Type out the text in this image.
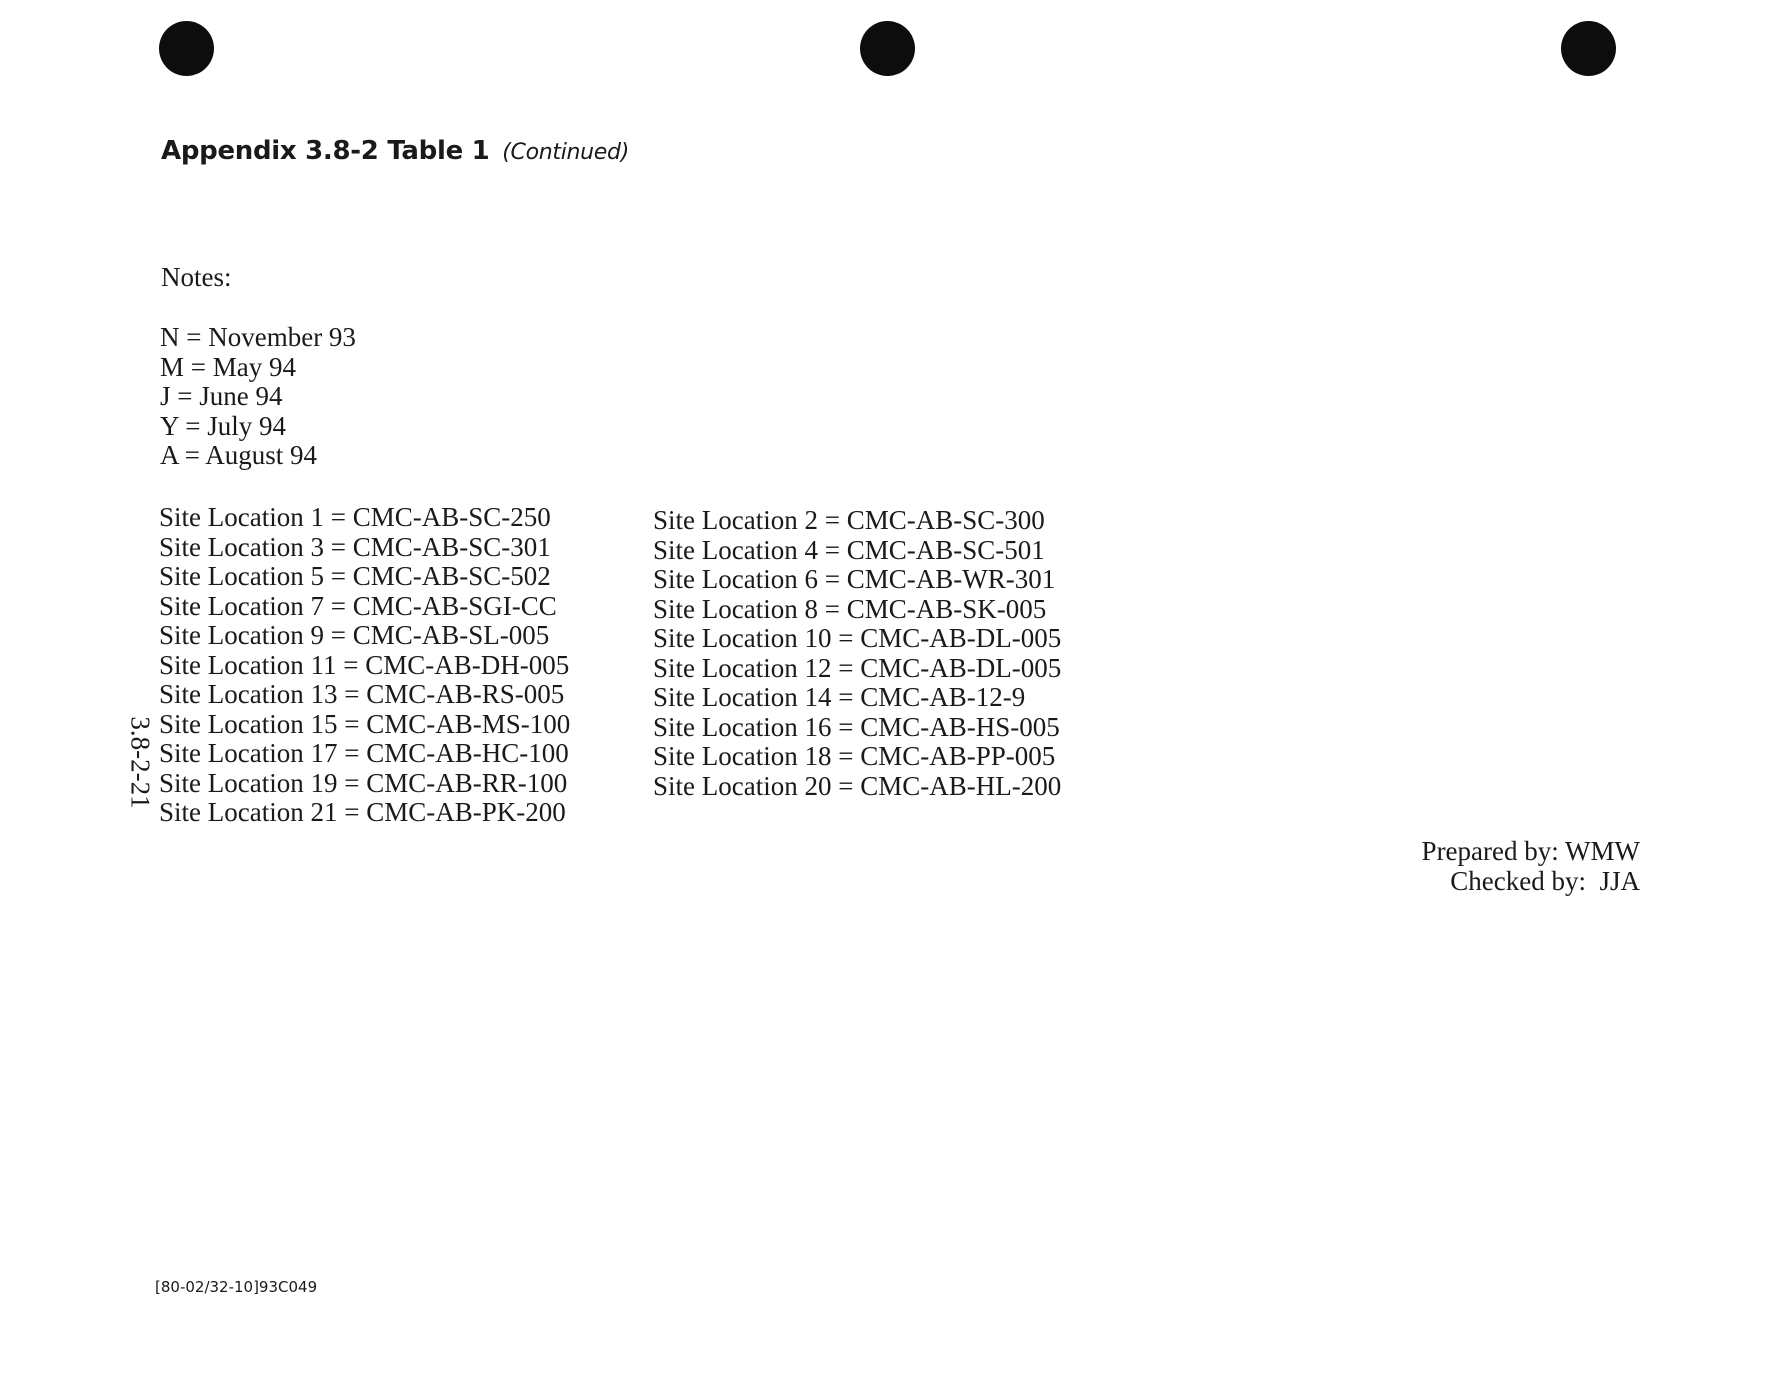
Appendix 3.8-2 Table 1 (Continued)
Notes:
N = November 93
M = May 94
J = June 94
Y = July 94
A = August 94
Site Location 1 = CMC-AB-SC-250
Site Location 3 = CMC-AB-SC-301
Site Location 5 = CMC-AB-SC-502
Site Location 7 = CMC-AB-SGI-CC
Site Location 9 = CMC-AB-SL-005
Site Location 11 = CMC-AB-DH-005
Site Location 13 = CMC-AB-RS-005
Site Location 15 = CMC-AB-MS-100
Site Location 17 = CMC-AB-HC-100
Site Location 19 = CMC-AB-RR-100
Site Location 21 = CMC-AB-PK-200
Site Location 2 = CMC-AB-SC-300
Site Location 4 = CMC-AB-SC-501
Site Location 6 = CMC-AB-WR-301
Site Location 8 = CMC-AB-SK-005
Site Location 10 = CMC-AB-DL-005
Site Location 12 = CMC-AB-DL-005
Site Location 14 = CMC-AB-12-9
Site Location 16 = CMC-AB-HS-005
Site Location 18 = CMC-AB-PP-005
Site Location 20 = CMC-AB-HL-200
3.8-2-21
Prepared by: WMW
Checked by:  JJA
[80-02/32-10]93C049
